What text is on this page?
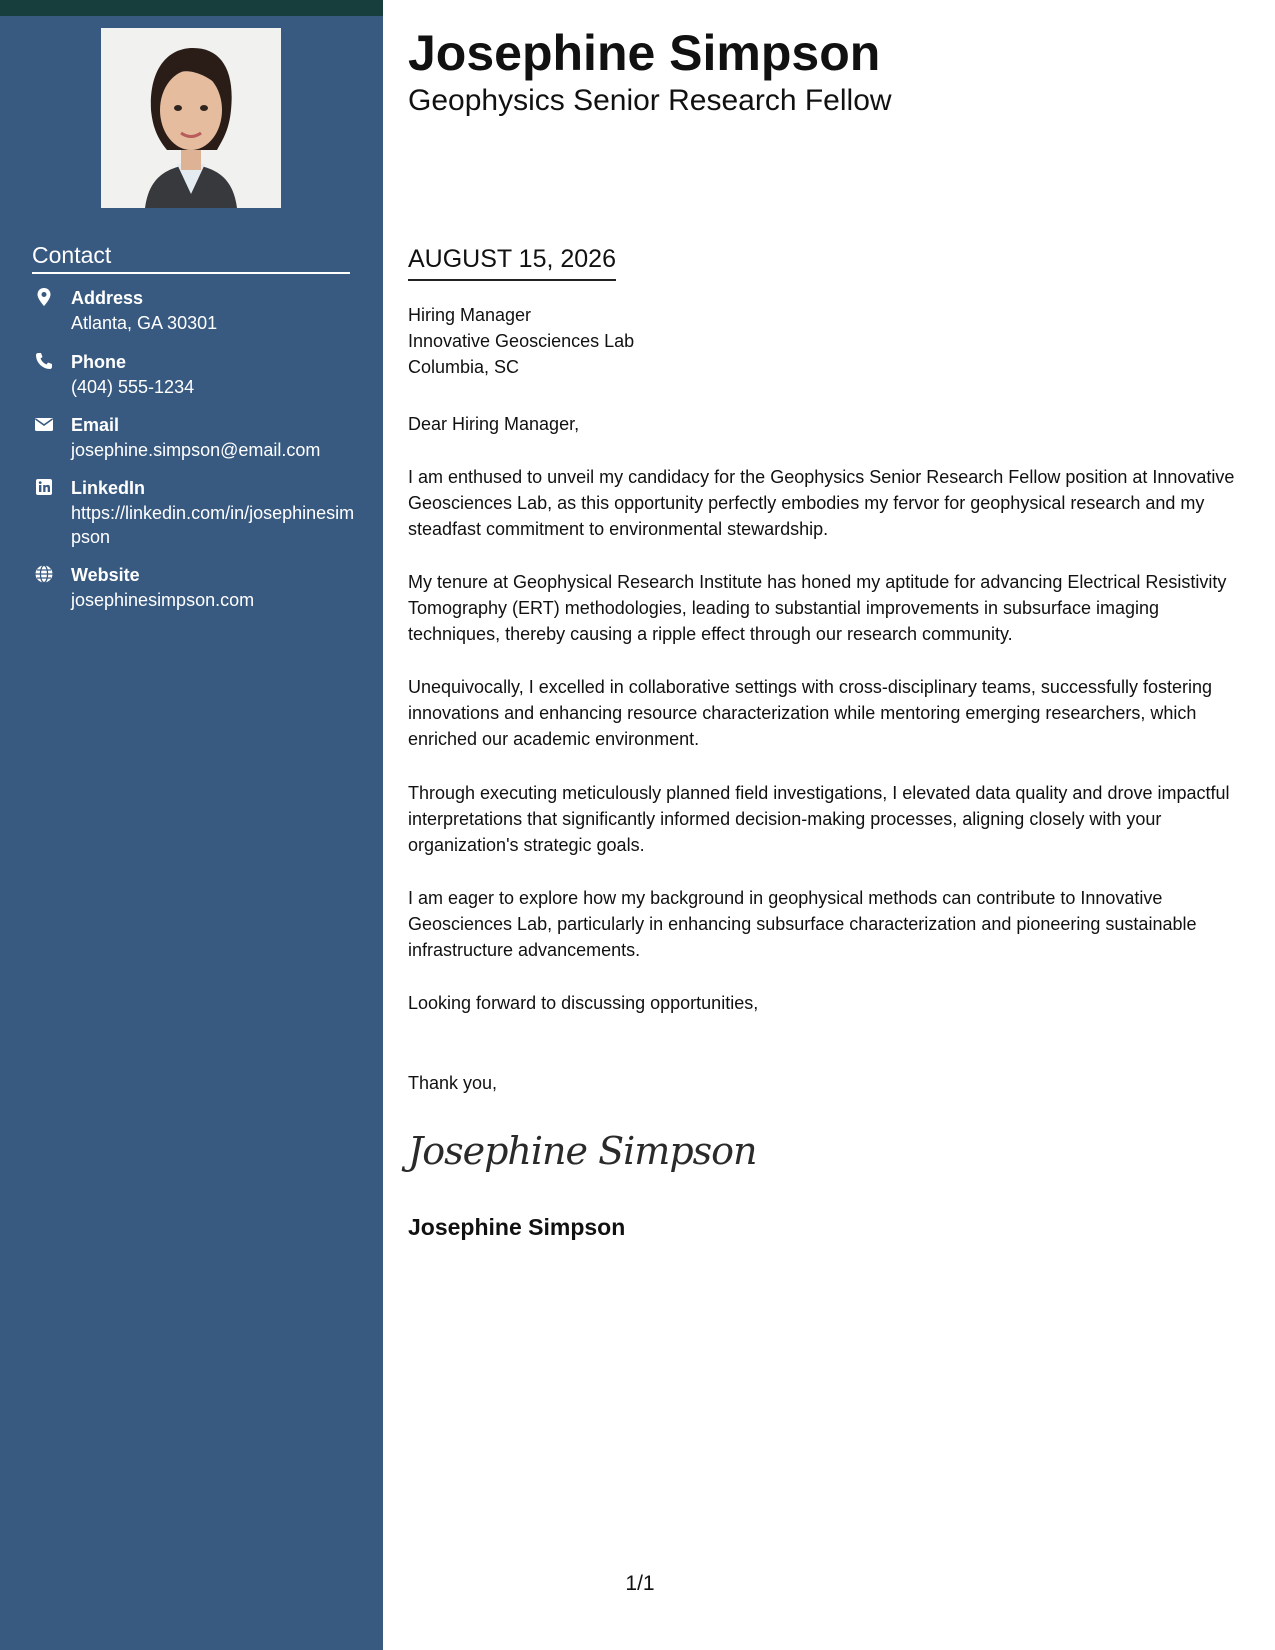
Contact
Address
Atlanta, GA 30301
Phone
(404) 555-1234
Email
josephine.simpson@email.com
LinkedIn
https://linkedin.com/in/josephinesimpson
Website
josephinesimpson.com
Josephine Simpson
Geophysics Senior Research Fellow
AUGUST 15, 2026
Hiring Manager
Innovative Geosciences Lab
Columbia, SC

Dear Hiring Manager,

I am enthused to unveil my candidacy for the Geophysics Senior Research Fellow position at Innovative Geosciences Lab, as this opportunity perfectly embodies my fervor for geophysical research and my steadfast commitment to environmental stewardship.

My tenure at Geophysical Research Institute has honed my aptitude for advancing Electrical Resistivity Tomography (ERT) methodologies, leading to substantial improvements in subsurface imaging techniques, thereby causing a ripple effect through our research community.

Unequivocally, I excelled in collaborative settings with cross-disciplinary teams, successfully fostering innovations and enhancing resource characterization while mentoring emerging researchers, which enriched our academic environment.

Through executing meticulously planned field investigations, I elevated data quality and drove impactful interpretations that significantly informed decision-making processes, aligning closely with your organization's strategic goals.

I am eager to explore how my background in geophysical methods can contribute to Innovative Geosciences Lab, particularly in enhancing subsurface characterization and pioneering sustainable infrastructure advancements.

Looking forward to discussing opportunities,

Thank you,

Josephine Simpson
Josephine Simpson
1/1
